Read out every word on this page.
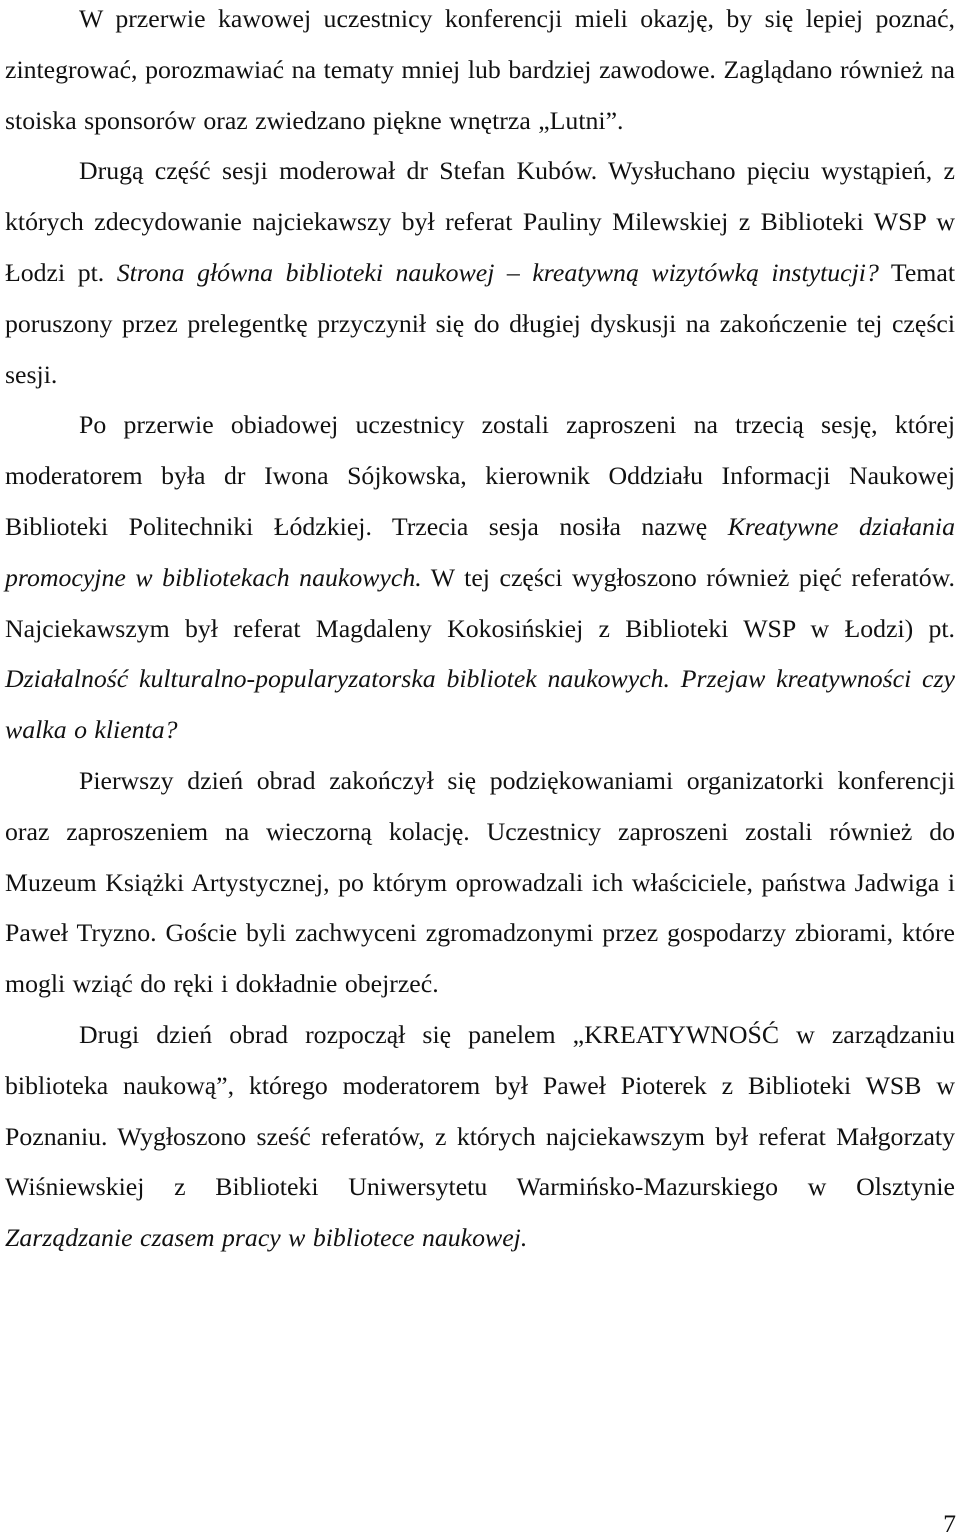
W przerwie kawowej uczestnicy konferencji mieli okazję, by się lepiej poznać, zintegrować, porozmawiać na tematy mniej lub bardziej zawodowe. Zaglądano również na stoiska sponsorów oraz zwiedzano piękne wnętrza „Lutni”.

Drugą część sesji moderował dr Stefan Kubów. Wysłuchano pięciu wystąpień, z których zdecydowanie najciekawszy był referat Pauliny Milewskiej z Biblioteki WSP w Łodzi pt. Strona główna biblioteki naukowej – kreatywną wizytówką instytucji? Temat poruszony przez prelegentkę przyczynił się do długiej dyskusji na zakończenie tej części sesji.

Po przerwie obiadowej uczestnicy zostali zaproszeni na trzecią sesję, której moderatorem była dr Iwona Sójkowska, kierownik Oddziału Informacji Naukowej Biblioteki Politechniki Łódzkiej. Trzecia sesja nosiła nazwę Kreatywne działania promocyjne w bibliotekach naukowych. W tej części wygłoszono również pięć referatów. Najciekawszym był referat Magdaleny Kokosińskiej z Biblioteki WSP w Łodzi) pt. Działalność kulturalno-popularyzatorska bibliotek naukowych. Przejaw kreatywności czy walka o klienta?

Pierwszy dzień obrad zakończył się podziękowaniami organizatorki konferencji oraz zaproszeniem na wieczorną kolację. Uczestnicy zaproszeni zostali również do Muzeum Książki Artystycznej, po którym oprowadzali ich właściciele, państwa Jadwiga i Paweł Tryzno. Goście byli zachwyceni zgromadzonymi przez gospodarzy zbiorami, które mogli wziąć do ręki i dokładnie obejrzeć.

Drugi dzień obrad rozpoczął się panelem „KREATYWNOŚĆ w zarządzaniu biblioteka naukową”, którego moderatorem był Paweł Pioterek z Biblioteki WSB w Poznaniu. Wygłoszono sześć referatów, z których najciekawszym był referat Małgorzaty Wiśniewskiej z Biblioteki Uniwersytetu Warmińsko-Mazurskiego w Olsztynie Zarządzanie czasem pracy w bibliotece naukowej.

7
